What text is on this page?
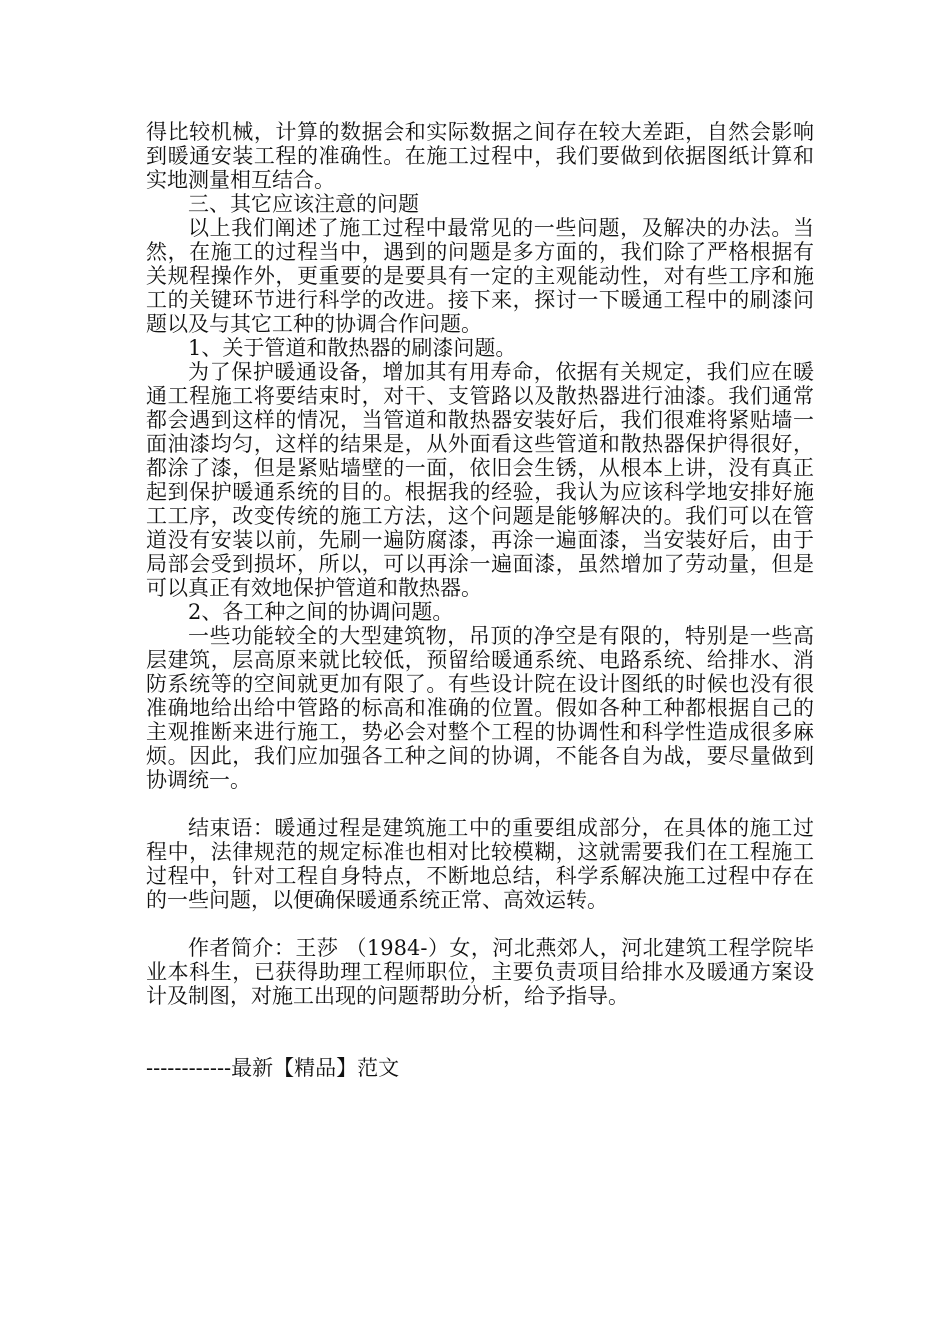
得比较机械，计算的数据会和实际数据之间存在较大差距，自然会影响到暖通安装工程的准确性。在施工过程中，我们要做到依据图纸计算和实地测量相互结合。

三、其它应该注意的问题

以上我们阐述了施工过程中最常见的一些问题，及解决的办法。当然，在施工的过程当中，遇到的问题是多方面的，我们除了严格根据有关规程操作外，更重要的是要具有一定的主观能动性，对有些工序和施工的关键环节进行科学的改进。接下来，探讨一下暖通工程中的刷漆问题以及与其它工种的协调合作问题。

1、关于管道和散热器的刷漆问题。

为了保护暖通设备，增加其有用寿命，依据有关规定，我们应在暖通工程施工将要结束时，对干、支管路以及散热器进行油漆。我们通常都会遇到这样的情况，当管道和散热器安装好后，我们很难将紧贴墙一面油漆均匀，这样的结果是，从外面看这些管道和散热器保护得很好，都涂了漆，但是紧贴墙壁的一面，依旧会生锈，从根本上讲，没有真正起到保护暖通系统的目的。根据我的经验，我认为应该科学地安排好施工工序，改变传统的施工方法，这个问题是能够解决的。我们可以在管道没有安装以前，先刷一遍防腐漆，再涂一遍面漆，当安装好后，由于局部会受到损坏，所以，可以再涂一遍面漆，虽然增加了劳动量，但是可以真正有效地保护管道和散热器。

2、各工种之间的协调问题。

一些功能较全的大型建筑物，吊顶的净空是有限的，特别是一些高层建筑，层高原来就比较低，预留给暖通系统、电路系统、给排水、消防系统等的空间就更加有限了。有些设计院在设计图纸的时候也没有很准确地给出给中管路的标高和准确的位置。假如各种工种都根据自己的主观推断来进行施工，势必会对整个工程的协调性和科学性造成很多麻烦。因此，我们应加强各工种之间的协调，不能各自为战，要尽量做到协调统一。

结束语：暖通过程是建筑施工中的重要组成部分，在具体的施工过程中，法律规范的规定标准也相对比较模糊，这就需要我们在工程施工过程中，针对工程自身特点，不断地总结，科学系解决施工过程中存在的一些问题，以便确保暖通系统正常、高效运转。

作者简介：王莎 （1984-）女，河北燕郊人，河北建筑工程学院毕业本科生，已获得助理工程师职位，主要负责项目给排水及暖通方案设计及制图，对施工出现的问题帮助分析，给予指导。

------------最新【精品】范文
